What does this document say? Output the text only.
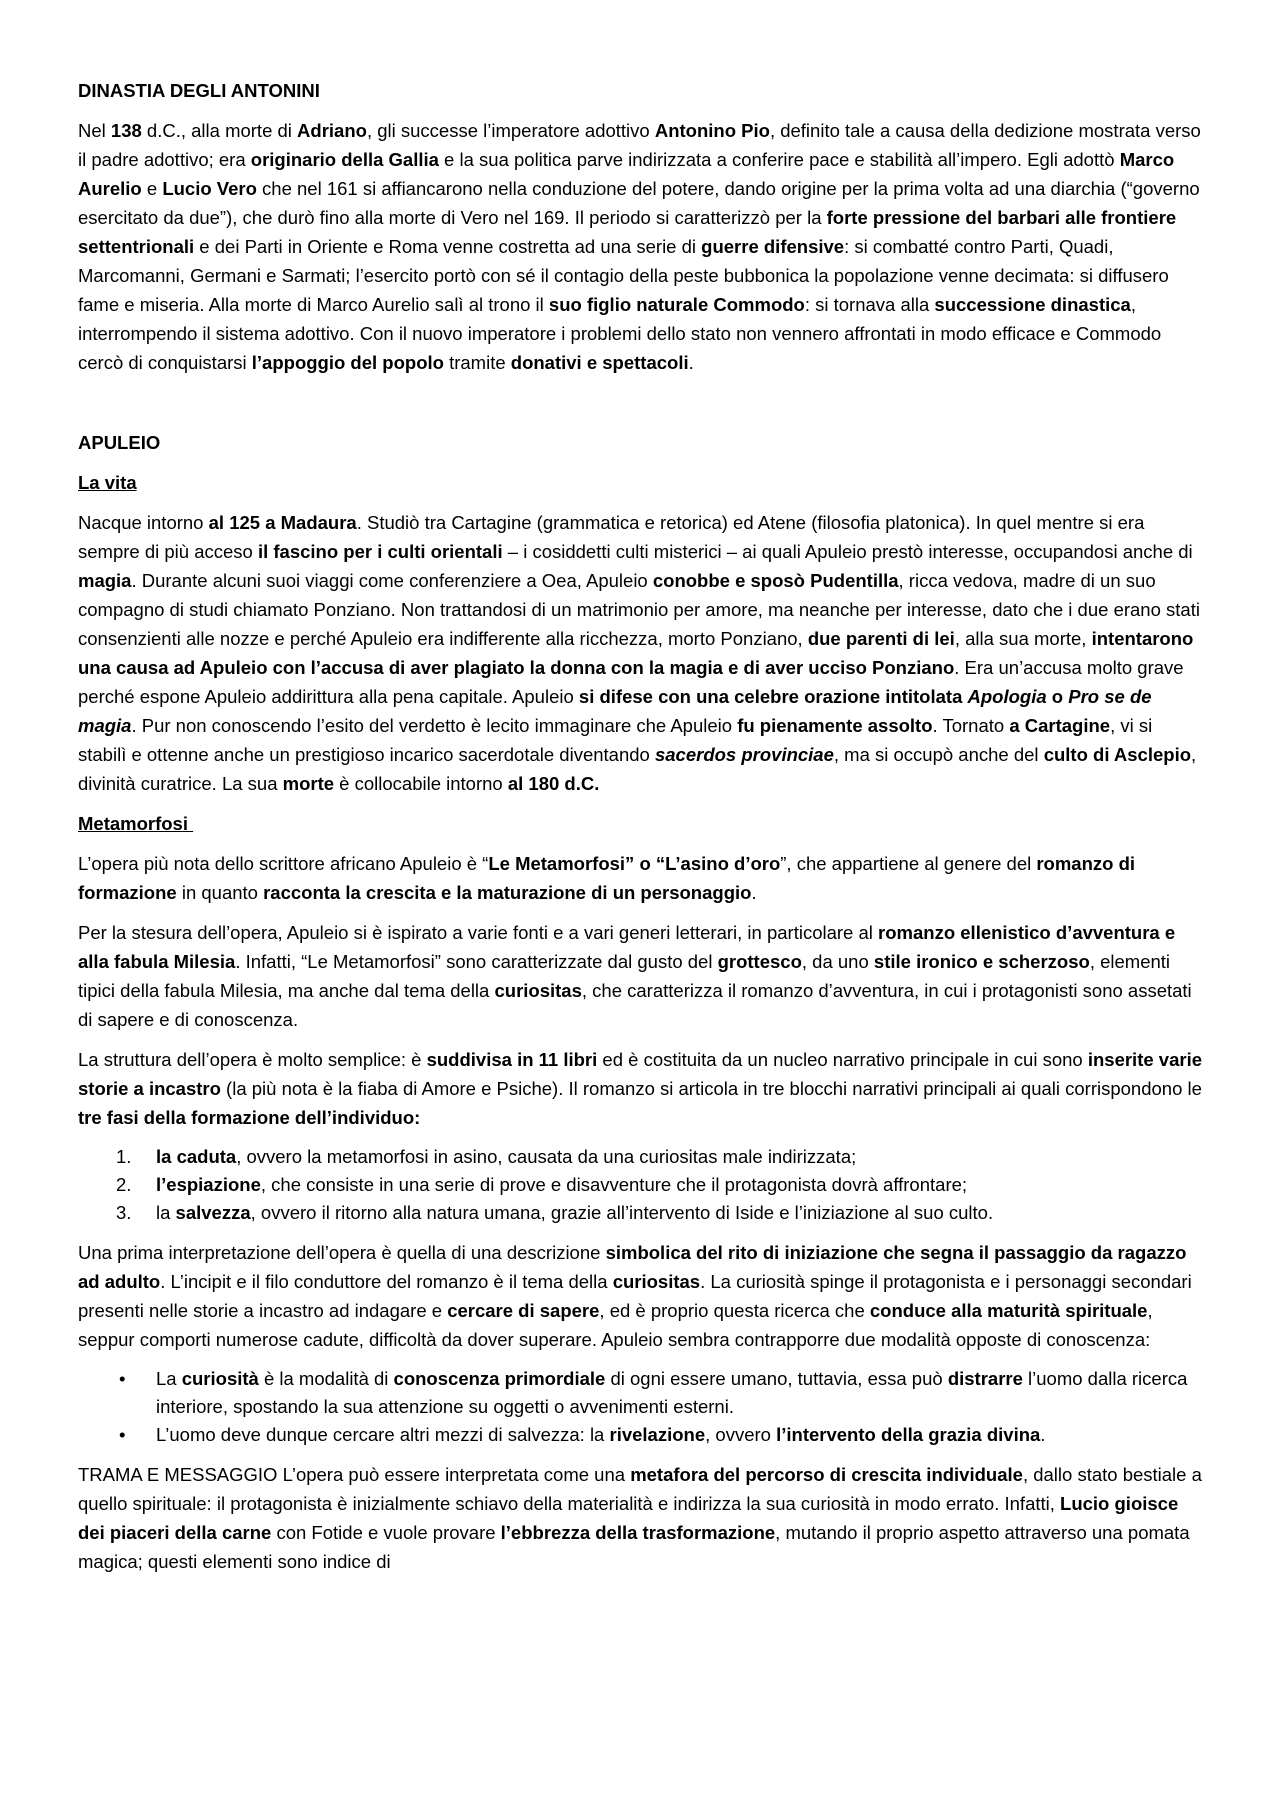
DINASTIA DEGLI ANTONINI

Nel 138 d.C., alla morte di Adriano, gli successe l’imperatore adottivo Antonino Pio, definito tale a causa della dedizione mostrata verso il padre adottivo; era originario della Gallia e la sua politica parve indirizzata a conferire pace e stabilità all’impero. Egli adottò Marco Aurelio e Lucio Vero che nel 161 si affiancarono nella conduzione del potere, dando origine per la prima volta ad una diarchia (“governo esercitato da due”), che durò fino alla morte di Vero nel 169. Il periodo si caratterizzò per la forte pressione del barbari alle frontiere settentrionali e dei Parti in Oriente e Roma venne costretta ad una serie di guerre difensive: si combatté contro Parti, Quadi, Marcomanni, Germani e Sarmati; l’esercito portò con sé il contagio della peste bubbonica la popolazione venne decimata: si diffusero fame e miseria. Alla morte di Marco Aurelio salì al trono il suo figlio naturale Commodo: si tornava alla successione dinastica, interrompendo il sistema adottivo. Con il nuovo imperatore i problemi dello stato non vennero affrontati in modo efficace e Commodo cercò di conquistarsi l’appoggio del popolo tramite donativi e spettacoli.

APULEIO
La vita

Nacque intorno al 125 a Madaura. Studiò tra Cartagine (grammatica e retorica) ed Atene (filosofia platonica). In quel mentre si era sempre di più acceso il fascino per i culti orientali – i cosiddetti culti misterici – ai quali Apuleio prestò interesse, occupandosi anche di magia. Durante alcuni suoi viaggi come conferenziere a Oea, Apuleio conobbe e sposò Pudentilla, ricca vedova, madre di un suo compagno di studi chiamato Ponziano. Non trattandosi di un matrimonio per amore, ma neanche per interesse, dato che i due erano stati consenzienti alle nozze e perché Apuleio era indifferente alla ricchezza, morto Ponziano, due parenti di lei, alla sua morte, intentarono una causa ad Apuleio con l’accusa di aver plagiato la donna con la magia e di aver ucciso Ponziano. Era un’accusa molto grave perché espone Apuleio addirittura alla pena capitale. Apuleio si difese con una celebre orazione intitolata Apologia o Pro se de magia. Pur non conoscendo l’esito del verdetto è lecito immaginare che Apuleio fu pienamente assolto. Tornato a Cartagine, vi si stabilì e ottenne anche un prestigioso incarico sacerdotale diventando sacerdos provinciae, ma si occupò anche del culto di Asclepio, divinità curatrice. La sua morte è collocabile intorno al 180 d.C.

Metamorfosi

L’opera più nota dello scrittore africano Apuleio è “Le Metamorfosi” o “L’asino d’oro”, che appartiene al genere del romanzo di formazione in quanto racconta la crescita e la maturazione di un personaggio.

Per la stesura dell’opera, Apuleio si è ispirato a varie fonti e a vari generi letterari, in particolare al romanzo ellenistico d’avventura e alla fabula Milesia. Infatti, “Le Metamorfosi” sono caratterizzate dal gusto del grottesco, da uno stile ironico e scherzoso, elementi tipici della fabula Milesia, ma anche dal tema della curiositas, che caratterizza il romanzo d’avventura, in cui i protagonisti sono assetati di sapere e di conoscenza.

La struttura dell’opera è molto semplice: è suddivisa in 11 libri ed è costituita da un nucleo narrativo principale in cui sono inserite varie storie a incastro (la più nota è la fiaba di Amore e Psiche). Il romanzo si articola in tre blocchi narrativi principali ai quali corrispondono le tre fasi della formazione dell’individuo:

1.	la caduta, ovvero la metamorfosi in asino, causata da una curiositas male indirizzata;
2.	l’espiazione, che consiste in una serie di prove e disavventure che il protagonista dovrà affrontare;
3.	la salvezza, ovvero il ritorno alla natura umana, grazie all’intervento di Iside e l’iniziazione al suo culto.

Una prima interpretazione dell’opera è quella di una descrizione simbolica del rito di iniziazione che segna il passaggio da ragazzo ad adulto. L’incipit e il filo conduttore del romanzo è il tema della curiositas. La curiosità spinge il protagonista e i personaggi secondari presenti nelle storie a incastro ad indagare e cercare di sapere, ed è proprio questa ricerca che conduce alla maturità spirituale, seppur comporti numerose cadute, difficoltà da dover superare. Apuleio sembra contrapporre due modalità opposte di conoscenza:

•	La curiosità è la modalità di conoscenza primordiale di ogni essere umano, tuttavia, essa può distrarre l’uomo dalla ricerca interiore, spostando la sua attenzione su oggetti o avvenimenti esterni.
•	L’uomo deve dunque cercare altri mezzi di salvezza: la rivelazione, ovvero l’intervento della grazia divina.

TRAMA E MESSAGGIO L’opera può essere interpretata come una metafora del percorso di crescita individuale, dallo stato bestiale a quello spirituale: il protagonista è inizialmente schiavo della materialità e indirizza la sua curiosità in modo errato. Infatti, Lucio gioisce dei piaceri della carne con Fotide e vuole provare l’ebbrezza della trasformazione, mutando il proprio aspetto attraverso una pomata magica; questi elementi sono indice di
